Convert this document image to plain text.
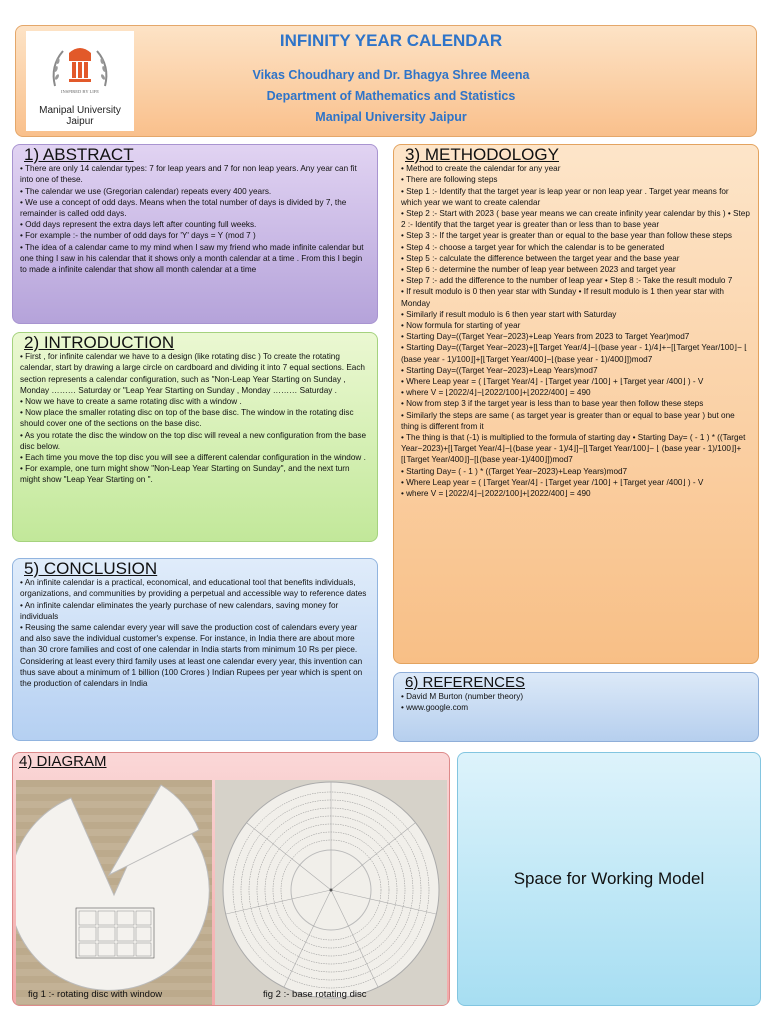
INSPIRED BY LIFE
Manipal University
Jaipur
INFINITY YEAR CALENDAR
Vikas Choudhary and Dr. Bhagya Shree Meena
Department of Mathematics and Statistics
Manipal University Jaipur
1) ABSTRACT

• There are only 14 calendar types: 7 for leap years and 7 for non leap years. Any year can fit into one of these.

• The calendar we use (Gregorian calendar) repeats every 400 years.

• We use a concept of odd days. Means when the total number of days is divided by 7, the remainder is called odd days.

• Odd days represent the extra days left after counting full weeks.

• For example :- the number of odd days for 'Y' days = Y (mod 7 )

• The idea of a calendar came to my mind when I saw my friend who made infinite calendar but one thing I saw in his calendar that it shows only a month calendar at a time . From this I begin to made a infinite calendar that show all month calendar at a time

2) INTRODUCTION

• First , for infinite calendar we have to a design (like rotating disc ) To create the rotating calendar, start by drawing a large circle on cardboard and dividing it into 7 equal sections. Each section represents a calendar configuration, such as "Non-Leap Year Starting on Sunday , Monday ……… Saturday or "Leap Year Starting on Sunday , Monday ……… Saturday .

• Now we have to create a same rotating disc with a window .

• Now place the smaller rotating disc on top of the base disc. The window in the rotating disc should cover one of the sections on the base disc.

• As you rotate the disc the window on the top disc will reveal a new configuration from the base disc below.

• Each time you move the top disc you will see a different calendar configuration in the window .

• For example, one turn might show "Non-Leap Year Starting on Sunday", and the next turn might show "Leap Year Starting on ".

5) CONCLUSION

• An infinite calendar is a practical, economical, and educational tool that benefits individuals, organizations, and communities by providing a perpetual and accessible way to reference dates

• An infinite calendar eliminates the yearly purchase of new calendars, saving money for individuals

• Reusing the same calendar every year will save the production cost of calendars every year and also save the individual customer's expense. For instance, in India there are about more than 30 crore families and cost of one calendar in India starts from minimum 10 Rs per piece. Considering at least every third family uses at least one calendar every year, this invention can thus save about a minimum of 1 billion (100 Crores ) Indian Rupees per year which is spent on the production of calendars in India

3) METHODOLOGY

• Method to create the calendar for any year

• There are following steps

• Step 1 :- Identify that the target year is leap year or non leap year . Target year means for which year we want to create calendar

• Step 2 :- Start with 2023 ( base year means we can create infinity year calendar by this ) • Step 2 :- Identify that the target year is greater than or less than to base year

• Step 3 :- If the target year is greater than or equal to the base year than follow these steps

• Step 4 :- choose a target year for which the calendar is to be generated

• Step 5 :- calculate the difference between the target year and the base year

• Step 6 :- determine the number of leap year between 2023 and target year

• Step 7 :- add the difference to the number of leap year • Step 8 :- Take the result modulo 7

• If result modulo is 0 then year star with Sunday • If result modulo is 1 then year star with Monday

• Similarly if result modulo is 6 then year start with Saturday

• Now formula for starting of year

• Starting Day=((Target Year−2023)+Leap Years from 2023 to Target Year)mod7

• Starting Day=((Target Year−2023)+[⌊Target Year/4⌋−⌊(base year - 1)/4⌋+−[⌊Target Year/100⌋− ⌊ (base year - 1)/100⌋]+[⌊Target Year/400⌋−⌊(base year - 1)/400⌋])mod7

• Starting Day=((Target Year−2023)+Leap Years)mod7

• Where Leap year = ( ⌊Target Year/4⌋ - ⌊Target year /100⌋ + ⌊Target year /400⌋ ) - V

• where V = ⌊2022/4⌋−⌊2022/100⌋+⌊2022/400⌋ = 490

• Now from step 3 if the target year is less than to base year then follow these steps

• Similarly the steps are same ( as target year is greater than or equal to base year ) but one thing is different from it

• The thing is that (-1) is multiplied to the formula of starting day • Starting Day= ( - 1 ) * ((Target Year−2023)+[⌊Target Year/4⌋−⌊(base year - 1)/4⌋]−[⌊Target Year/100⌋− ⌊ (base year - 1)/100⌋]+[⌊Target Year/400⌋]−[⌊(base year-1)/400⌋])mod7

• Starting Day= ( - 1 ) * ((Target Year−2023)+Leap Years)mod7

• Where Leap year = ( ⌊Target Year/4⌋ - ⌊Target year /100⌋ + ⌊Target year /400⌋ ) - V

• where V = ⌊2022/4⌋−⌊2022/100⌋+⌊2022/400⌋ = 490

6) REFERENCES

• David M Burton (number theory)

• www.google.com

4) DIAGRAM
fig 1 :- rotating disc with window	fig 2 :- base rotating disc
Space for Working Model
